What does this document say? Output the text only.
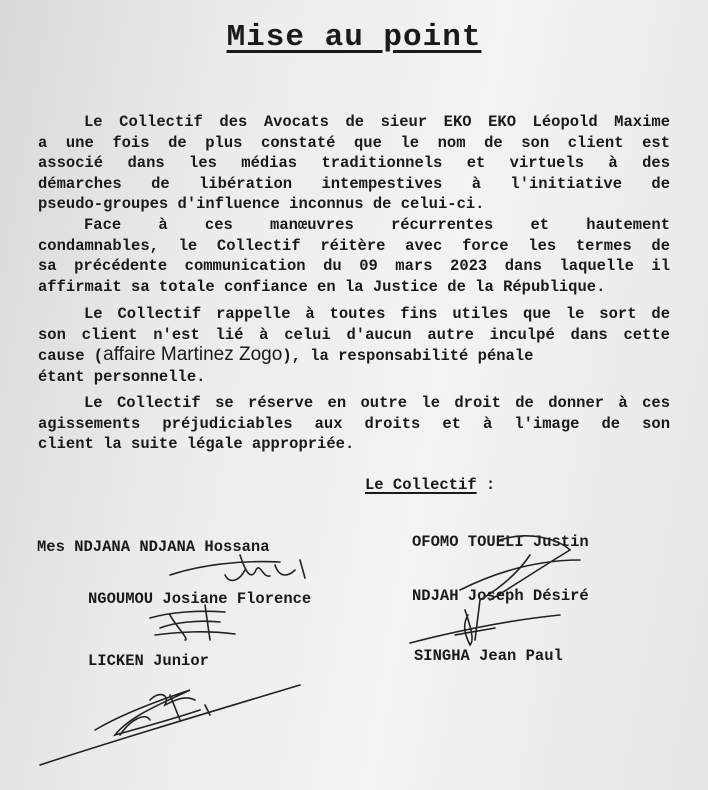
Mise au point
Le Collectif des Avocats de sieur EKO EKO Léopold Maxime
a une fois de plus constaté que le nom de son client est
associé dans les médias traditionnels et virtuels à des
démarches de libération intempestives à l'initiative de
pseudo-groupes d'influence inconnus de celui-ci.
Face à ces manœuvres récurrentes et hautement
condamnables, le Collectif réitère avec force les termes de
sa précédente communication du 09 mars 2023 dans laquelle il
affirmait sa totale confiance en la Justice de la République.
Le Collectif rappelle à toutes fins utiles que le sort de
son client n'est lié à celui d'aucun autre inculpé dans cette
cause (affaire Martinez Zogo), la responsabilité pénale
étant personnelle.
Le Collectif se réserve en outre le droit de donner à ces
agissements préjudiciables aux droits et à l'image de son
client la suite légale appropriée.
Le Collectif :
Mes NDJANA NDJANA Hossana
NGOUMOU Josiane Florence
LICKEN Junior
OFOMO TOUELI Justin
NDJAH Joseph Désiré
SINGHA Jean Paul
